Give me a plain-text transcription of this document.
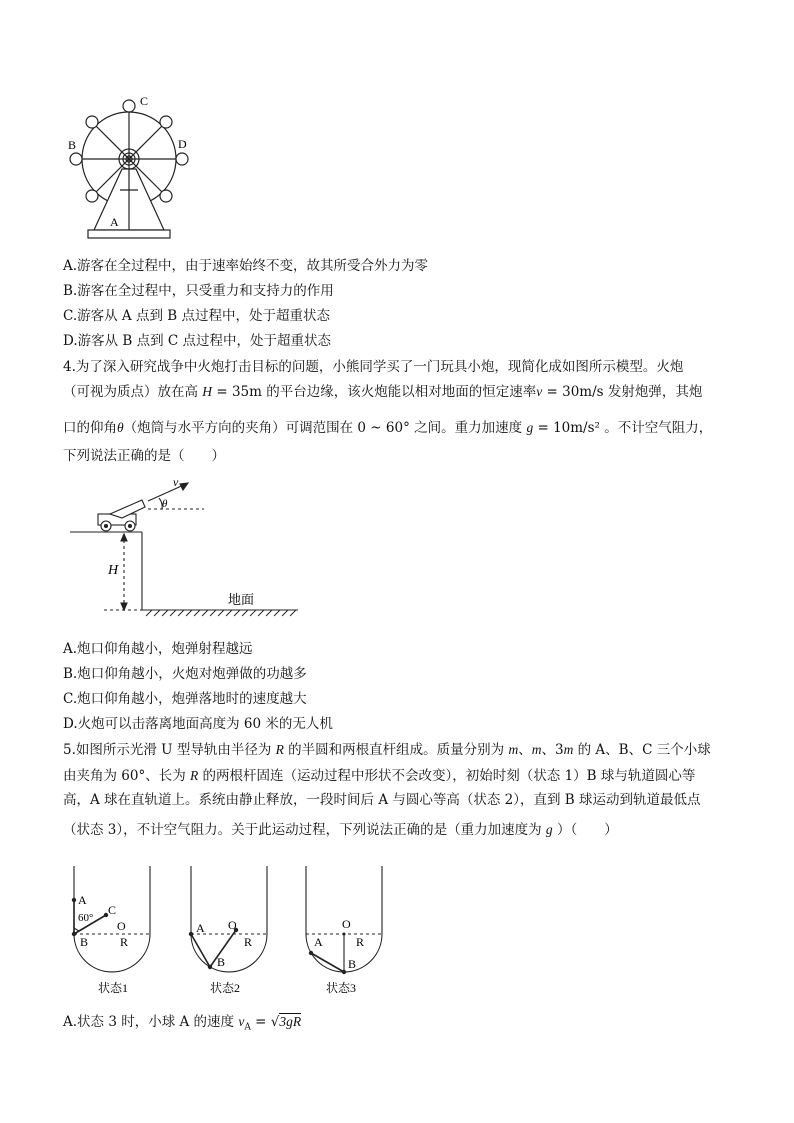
C
B	D
A
A.游客在全过程中，由于速率始终不变，故其所受合外力为零
B.游客在全过程中，只受重力和支持力的作用
C.游客从 A 点到 B 点过程中，处于超重状态
D.游客从 B 点到 C 点过程中，处于超重状态
4.为了深入研究战争中火炮打击目标的问题，小熊同学买了一门玩具小炮，现简化成如图所示模型。火炮
（可视为质点）放在高 H = 35m 的平台边缘，该火炮能以相对地面的恒定速率v = 30m/s 发射炮弹，其炮
口的仰角θ（炮筒与水平方向的夹角）可调范围在 0 ~ 60° 之间。重力加速度 g = 10m/s² 。不计空气阻力，
下列说法正确的是（　　）
v
θ
H
地面
A.炮口仰角越小，炮弹射程越远
B.炮口仰角越小，火炮对炮弹做的功越多
C.炮口仰角越小，炮弹落地时的速度越大
D.火炮可以击落离地面高度为 60 米的无人机
5.如图所示光滑 U 型导轨由半径为 R 的半圆和两根直杆组成。质量分别为 m、m、3m 的 A、B、C 三个小球
由夹角为 60°、长为 R 的两根杆固连（运动过程中形状不会改变），初始时刻（状态 1）B 球与轨道圆心等
高，A 球在直轨道上。系统由静止释放，一段时间后 A 与圆心等高（状态 2），直到 B 球运动到轨道最低点
（状态 3），不计空气阻力。关于此运动过程，下列说法正确的是（重力加速度为 g ）（　　）
A
60°
C
O
B	R
A O
R
B
O
A	R
B
状态1	状态2	状态3
A.状态 3 时，小球 A 的速度 $v_A = √3gR$
